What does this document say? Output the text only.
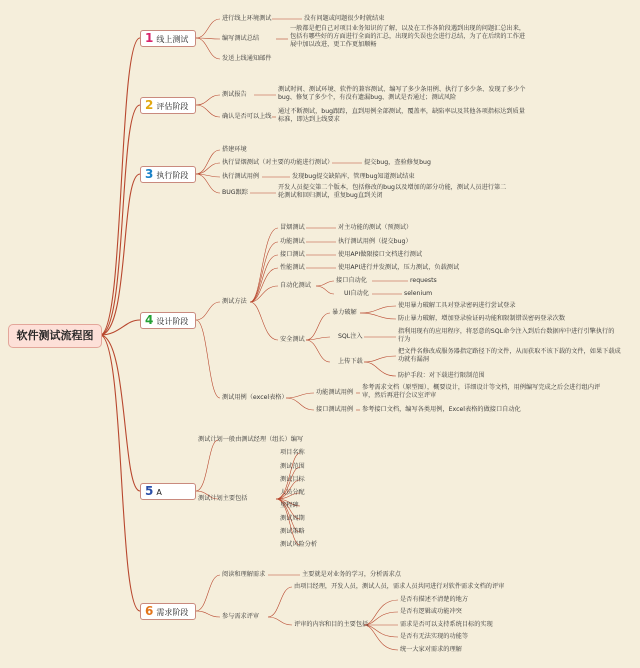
软件测试流程图
1 线上测试
2 评估阶段
3 执行阶段
4 设计阶段
5 A
6 需求阶段
进行线上环境测试	没有问题或问题很少时就结束
编写测试总结
一般都是把自己对项目业务知识的了解，以及在工作各阶段遇到出现的问题汇总出来，包括有哪些好的方面进行全面的汇总，出现的失误也会进行总结，为了在后续的工作进展中加以改进，更工作更加顺畅
发送上线通知邮件
测试报告
测试时间、测试环境、软件的兼容测试、编写了多少条用例、执行了多少条、发现了多少个bug、修复了多少个，有没有遗漏bug、测试是否通过；测试风险
确认是否可以上线
通过不断测试，bug跟踪，直到用例全部测试，覆盖率，缺陷率以及其他各项指标达到质量标准，即达到上线要求
搭建环境
执行冒烟测试（对主要的功能进行测试）	提交bug，查验修复bug
执行测试用例	发现bug提交缺陷库，管理bug知道测试结束
BUG跟踪
开发人员提交第二个版本，包括修改的bug以及增加的部分功能，测试人员进行第二轮测试和回归测试，重复bug直到关闭
测试方法
冒烟测试	对主功能的测试（预测试）
功能测试	执行测试用例（提交bug）
接口测试	使用API做限接口文档进行测试
性能测试	使用API进行并发测试，压力测试，负载测试
自动化测试
接口自动化	requests
UI自动化	selenium
安全测试
暴力破解
使用暴力破解工具对登录密码进行尝试登录
防止暴力破解，增加登录验证码功能和限制错误密码登录次数
SQL注入
指利用现有的应用程序，将恶意的SQL命令注入到后台数据库中进行引擎执行的行为
上传下载
把文件名修改成服务器指定路径下的文件，从而获取不该下载的文件，如果下载成功就有漏洞
防护手段：对下载进行限制范围
测试用例（excel表格）
功能测试用例
参考需求文档（原型图），概要设计，详细设计等文档，用例编写完成之后会进行组内评审，然后再进行会议室评审
接口测试用例 参考接口文档，编写各类用例，Excel表格的做接口自动化
测试计划一般由测试经理（组长）编写
测试计划主要包括
项目名称
测试范围
测试目标
人员分配
里程碑
测试周期
测试策略
测试风险分析
阅读和理解需求	主要就是对业务的学习，分析需求点
参与需求评审
由项目经理，开发人员，测试人员，需求人员共同进行对软件需求文档的评审
评审的内容和目的主要包括
是否有描述不清楚的地方
是否有逻辑或功能冲突
需求是否可以支持系统目标的实现
是否有无法实现的功能等
统一大家对需求的理解
